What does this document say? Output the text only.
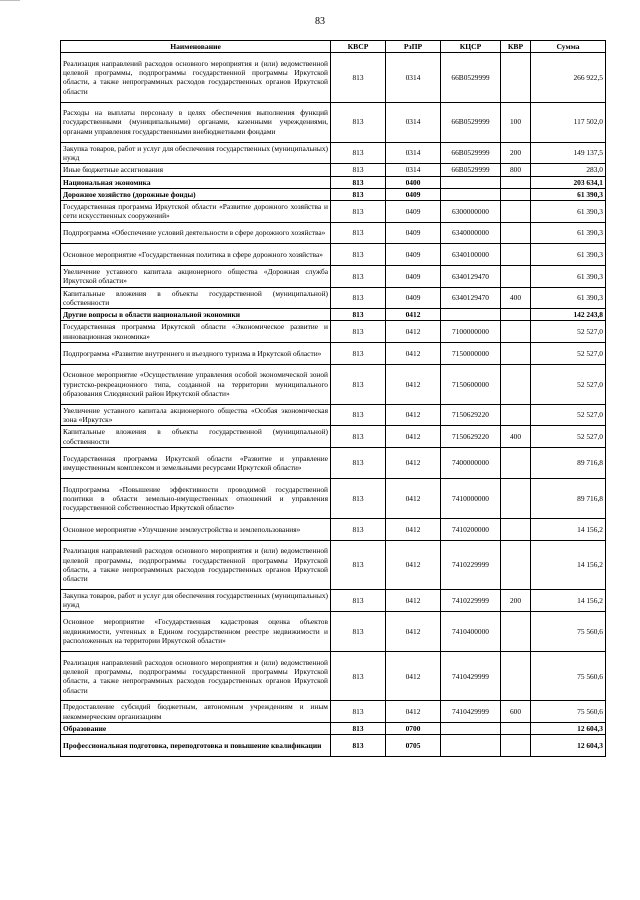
83
Наименование	КВСР	РзПР	КЦСР	КВР	Сумма
Реализация направлений расходов основного мероприятия и (или) ведомственной целевой программы, подпрограммы государственной программы Иркутской области, а также непрограммных расходов государственных органов Иркутской области	813	0314	66В0529999		266 922,5
Расходы на выплаты персоналу в целях обеспечения выполнения функций государственными (муниципальными) органами, казенными учреждениями, органами управления государственными внебюджетными фондами	813	0314	66В0529999	100	117 502,0
Закупка товаров, работ и услуг для обеспечения государственных (муниципальных) нужд	813	0314	66В0529999	200	149 137,5
Иные бюджетные ассигнования	813	0314	66В0529999	800	283,0
Национальная экономика	813	0400			203 634,1
Дорожное хозяйство (дорожные фонды)	813	0409			61 390,3
Государственная программа Иркутской области «Развитие дорожного хозяйства и сети искусственных сооружений»	813	0409	6300000000		61 390,3
Подпрограмма «Обеспечение условий деятельности в сфере дорожного хозяйства»	813	0409	6340000000		61 390,3
Основное мероприятие «Государственная политика в сфере дорожного хозяйства»	813	0409	6340100000		61 390,3
Увеличение уставного капитала акционерного общества «Дорожная служба Иркутской области»	813	0409	6340129470		61 390,3
Капитальные вложения в объекты государственной (муниципальной) собственности	813	0409	6340129470	400	61 390,3
Другие вопросы в области национальной экономики	813	0412			142 243,8
Государственная программа Иркутской области «Экономическое развитие и инновационная экономика»	813	0412	7100000000		52 527,0
Подпрограмма «Развитие внутреннего и въездного туризма в Иркутской области»	813	0412	7150000000		52 527,0
Основное мероприятие «Осуществление управления особой экономической зоной туристско-рекреационного типа, созданной на территории муниципального образования Слюдянский район Иркутской области»	813	0412	7150600000		52 527,0
Увеличение уставного капитала акционерного общества «Особая экономическая зона «Иркутск»	813	0412	7150629220		52 527,0
Капитальные вложения в объекты государственной (муниципальной) собственности	813	0412	7150629220	400	52 527,0
Государственная программа Иркутской области «Развитие и управление имущественным комплексом и земельными ресурсами Иркутской области»	813	0412	7400000000		89 716,8
Подпрограмма «Повышение эффективности проводимой государственной политики в области земельно-имущественных отношений и управления государственной собственностью Иркутской области»	813	0412	7410000000		89 716,8
Основное мероприятие «Улучшение землеустройства и землепользования»	813	0412	7410200000		14 156,2
Реализация направлений расходов основного мероприятия и (или) ведомственной целевой программы, подпрограммы государственной программы Иркутской области, а также непрограммных расходов государственных органов Иркутской области	813	0412	7410229999		14 156,2
Закупка товаров, работ и услуг для обеспечения государственных (муниципальных) нужд	813	0412	7410229999	200	14 156,2
Основное мероприятие «Государственная кадастровая оценка объектов недвижимости, учтенных в Едином государственном реестре недвижимости и расположенных на территории Иркутской области»	813	0412	7410400000		75 560,6
Реализация направлений расходов основного мероприятия и (или) ведомственной целевой программы, подпрограммы государственной программы Иркутской области, а также непрограммных расходов государственных органов Иркутской области	813	0412	7410429999		75 560,6
Предоставление субсидий бюджетным, автономным учреждениям и иным некоммерческим организациям	813	0412	7410429999	600	75 560,6
Образование	813	0700			12 604,3
Профессиональная подготовка, переподготовка и повышение квалификации	813	0705			12 604,3
